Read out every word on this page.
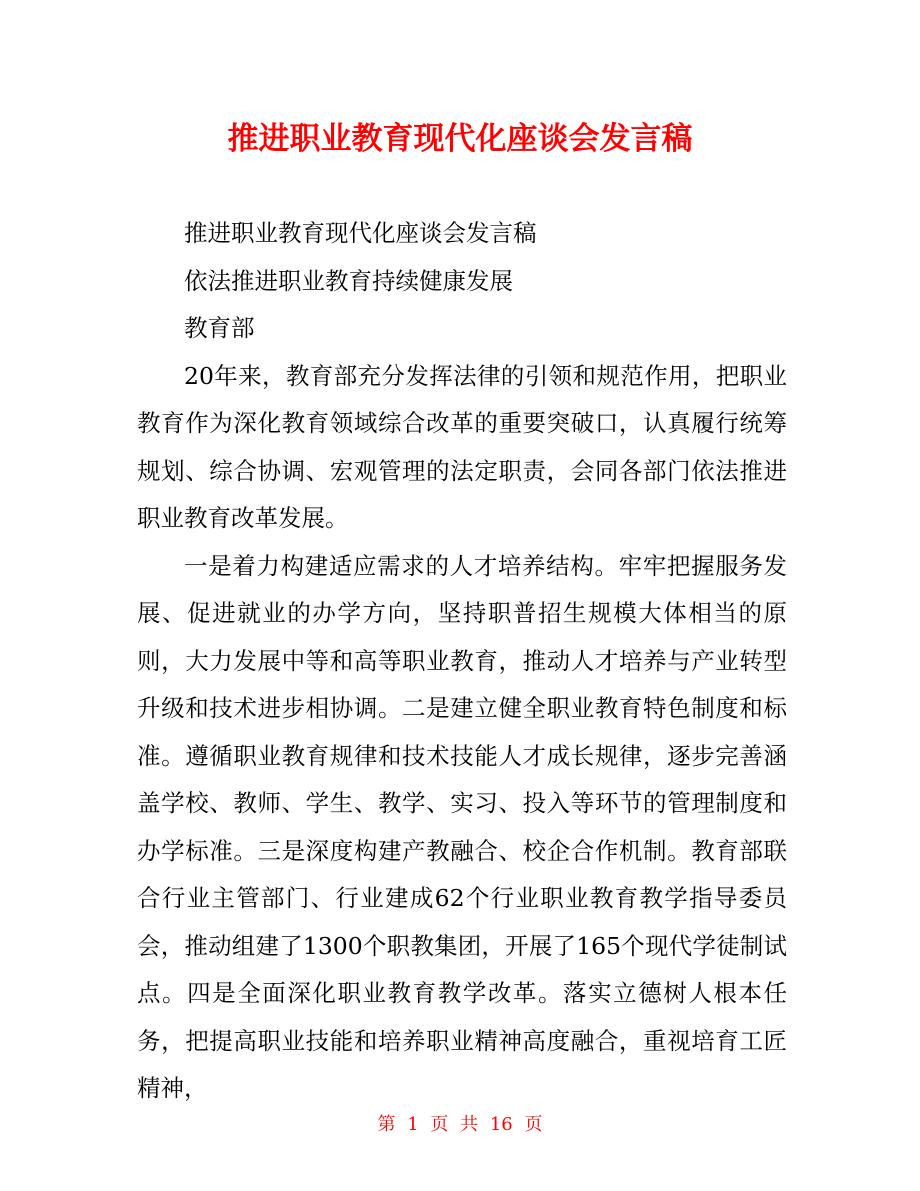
推进职业教育现代化座谈会发言稿

推进职业教育现代化座谈会发言稿

依法推进职业教育持续健康发展

教育部

20年来，教育部充分发挥法律的引领和规范作用，把职业教育作为深化教育领域综合改革的重要突破口，认真履行统筹规划、综合协调、宏观管理的法定职责，会同各部门依法推进职业教育改革发展。

一是着力构建适应需求的人才培养结构。牢牢把握服务发展、促进就业的办学方向，坚持职普招生规模大体相当的原则，大力发展中等和高等职业教育，推动人才培养与产业转型升级和技术进步相协调。二是建立健全职业教育特色制度和标准。遵循职业教育规律和技术技能人才成长规律，逐步完善涵盖学校、教师、学生、教学、实习、投入等环节的管理制度和办学标准。三是深度构建产教融合、校企合作机制。教育部联合行业主管部门、行业建成62个行业职业教育教学指导委员会，推动组建了1300个职教集团，开展了165个现代学徒制试点。四是全面深化职业教育教学改革。落实立德树人根本任务，把提高职业技能和培养职业精神高度融合，重视培育工匠精神，

第 1 页 共 16 页
